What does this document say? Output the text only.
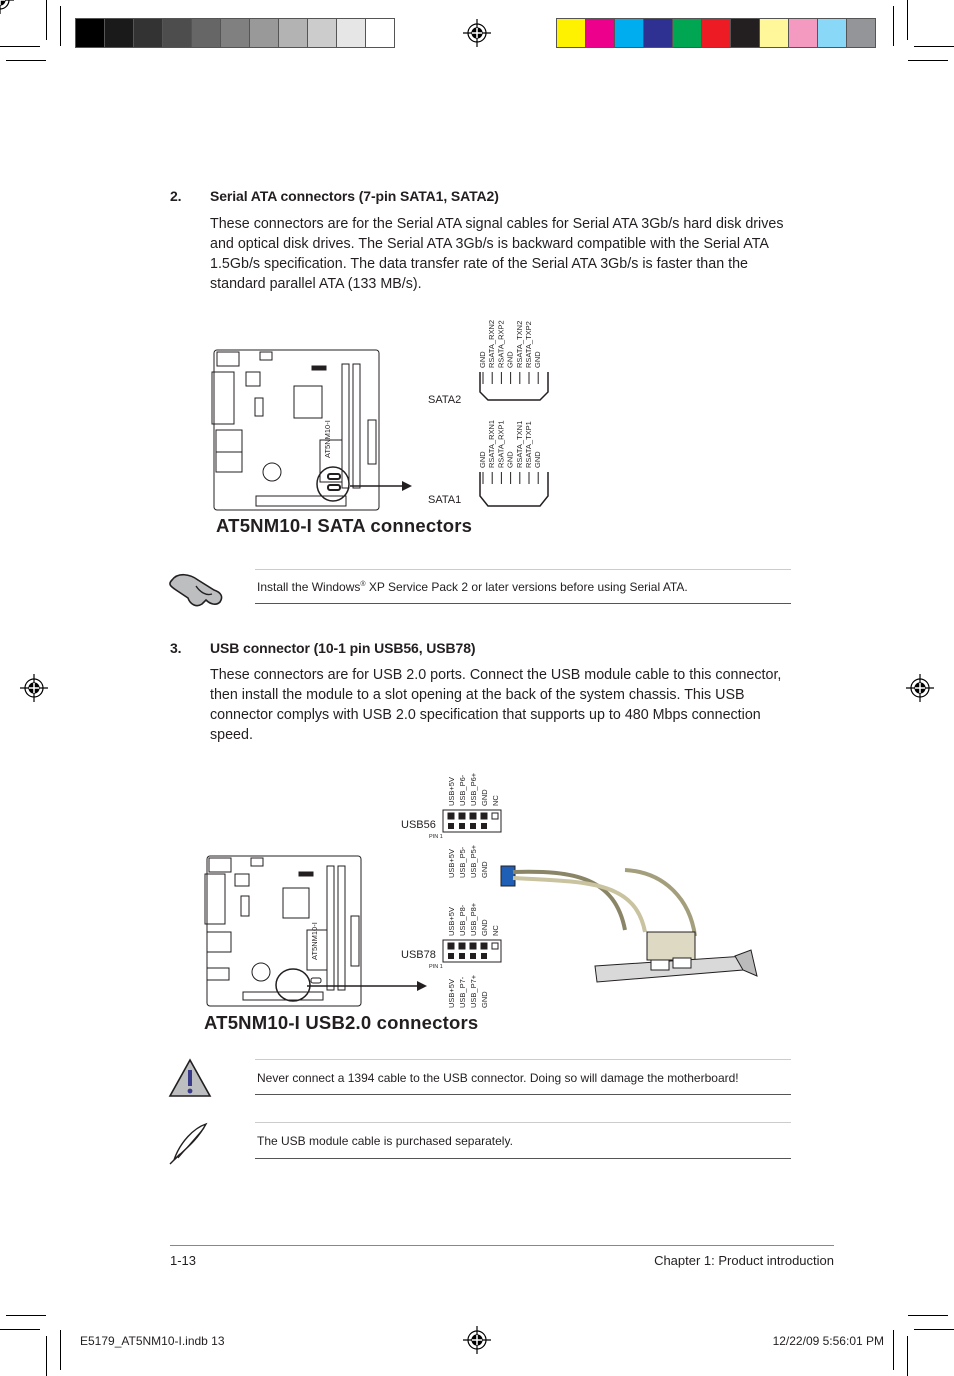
2. Serial ATA connectors (7-pin SATA1, SATA2)
These connectors are for the Serial ATA signal cables for Serial ATA 3Gb/s hard disk drives and optical disk drives. The Serial ATA 3Gb/s is backward compatible with the Serial ATA 1.5Gb/s specification. The data transfer rate of the Serial ATA 3Gb/s is faster than the standard parallel ATA (133 MB/s).
AT5NM10-I
GND RSATA_RXN2 RSATA_RXP2 GND RSATA_TXN2 RSATA_TXP2 GND
GND RSATA_RXN1 RSATA_RXP1 GND RSATA_TXN1 RSATA_TXP1 GND
SATA2
SATA1
AT5NM10-I SATA connectors
Install the Windows® XP Service Pack 2 or later versions before using Serial ATA.
3. USB connector (10-1 pin USB56, USB78)
These connectors are for USB 2.0 ports. Connect the USB module cable to this connector, then install the module to a slot opening at the back of the system chassis. This USB connector complys with USB 2.0 specification that supports up to 480 Mbps connection speed.
AT5NM10-I
USB56
PIN 1
USB+5V USB_P6- USB_P6+ GND NC
USB+5V USB_P5- USB_P5+ GND
USB78
PIN 1
USB+5V USB_P8- USB_P8+ GND NC
USB+5V USB_P7- USB_P7+ GND
AT5NM10-I USB2.0 connectors
Never connect a 1394 cable to the USB connector. Doing so will damage the motherboard!
The USB module cable is purchased separately.
1-13	Chapter 1: Product introduction
E5179_AT5NM10-I.indb 13	12/22/09 5:56:01 PM
